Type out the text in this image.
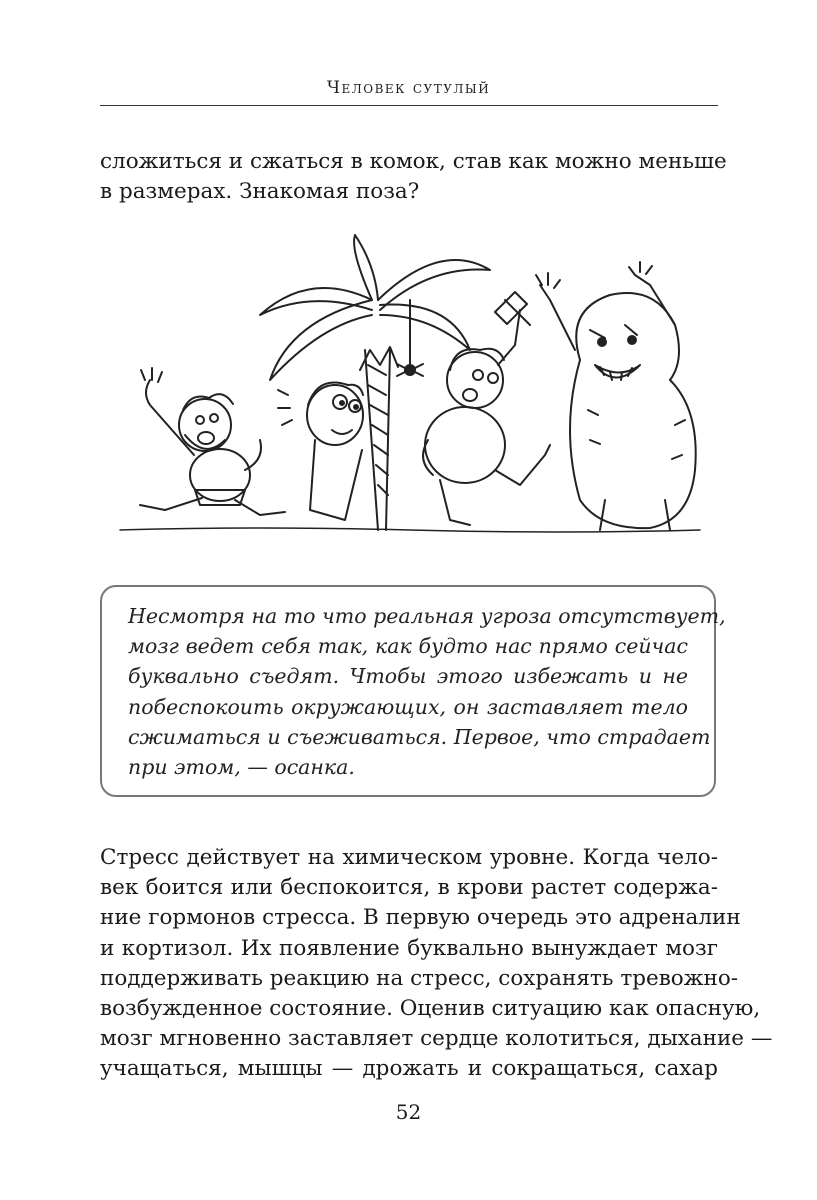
Человек сутулый
сложиться и сжаться в комок, став как можно меньше
в размерах. Знакомая поза?
Несмотря на то что реальная угроза отсутствует,
мозг ведет себя так, как будто нас прямо сейчас
буквально съедят. Чтобы этого избежать и не
побеспокоить окружающих, он заставляет тело
сжиматься и съеживаться. Первое, что страдает
при этом, — осанка.
Стресс действует на химическом уровне. Когда чело-
век боится или беспокоится, в крови растет содержа-
ние гормонов стресса. В первую очередь это адреналин
и кортизол. Их появление буквально вынуждает мозг
поддерживать реакцию на стресс, сохранять тревожно-
возбужденное состояние. Оценив ситуацию как опасную,
мозг мгновенно заставляет сердце колотиться, дыхание —
учащаться, мышцы — дрожать и сокращаться, сахар
52
